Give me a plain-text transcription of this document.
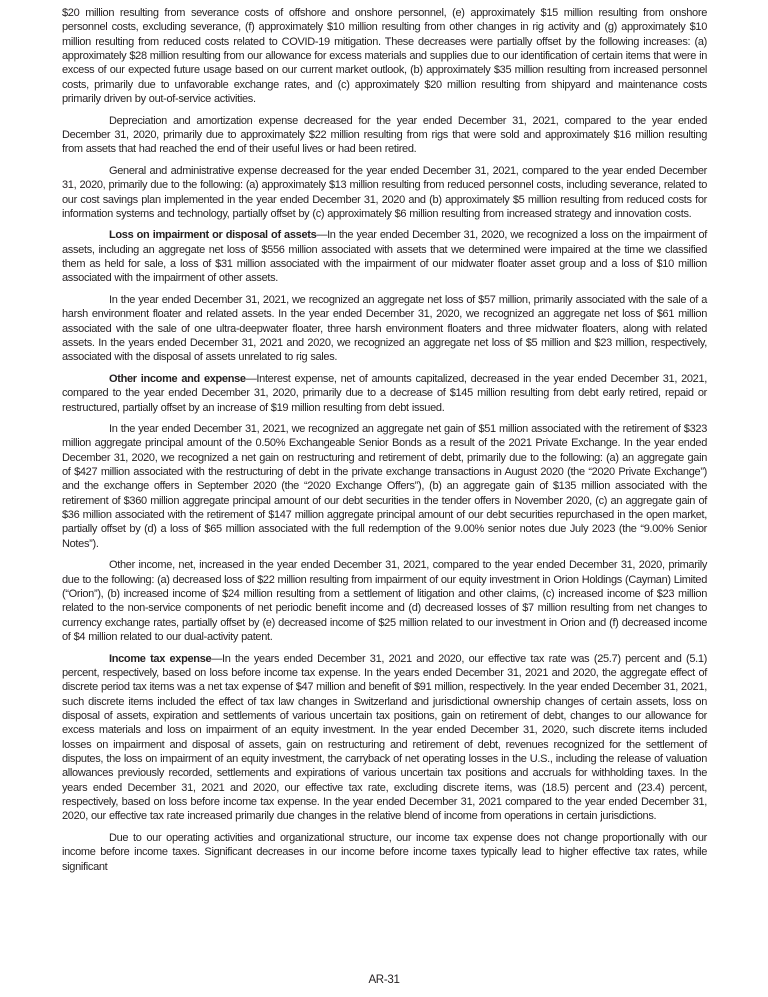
$20 million resulting from severance costs of offshore and onshore personnel, (e) approximately $15 million resulting from onshore personnel costs, excluding severance, (f) approximately $10 million resulting from other changes in rig activity and (g) approximately $10 million resulting from reduced costs related to COVID-19 mitigation. These decreases were partially offset by the following increases: (a) approximately $28 million resulting from our allowance for excess materials and supplies due to our identification of certain items that were in excess of our expected future usage based on our current market outlook, (b) approximately $35 million resulting from increased personnel costs, primarily due to unfavorable exchange rates, and (c) approximately $20 million resulting from shipyard and maintenance costs primarily driven by out-of-service activities.

Depreciation and amortization expense decreased for the year ended December 31, 2021, compared to the year ended December 31, 2020, primarily due to approximately $22 million resulting from rigs that were sold and approximately $16 million resulting from assets that had reached the end of their useful lives or had been retired.

General and administrative expense decreased for the year ended December 31, 2021, compared to the year ended December 31, 2020, primarily due to the following: (a) approximately $13 million resulting from reduced personnel costs, including severance, related to our cost savings plan implemented in the year ended December 31, 2020 and (b) approximately $5 million resulting from reduced costs for information systems and technology, partially offset by (c) approximately $6 million resulting from increased strategy and innovation costs.

Loss on impairment or disposal of assets—In the year ended December 31, 2020, we recognized a loss on the impairment of assets, including an aggregate net loss of $556 million associated with assets that we determined were impaired at the time we classified them as held for sale, a loss of $31 million associated with the impairment of our midwater floater asset group and a loss of $10 million associated with the impairment of other assets.

In the year ended December 31, 2021, we recognized an aggregate net loss of $57 million, primarily associated with the sale of a harsh environment floater and related assets. In the year ended December 31, 2020, we recognized an aggregate net loss of $61 million associated with the sale of one ultra-deepwater floater, three harsh environment floaters and three midwater floaters, along with related assets. In the years ended December 31, 2021 and 2020, we recognized an aggregate net loss of $5 million and $23 million, respectively, associated with the disposal of assets unrelated to rig sales.

Other income and expense—Interest expense, net of amounts capitalized, decreased in the year ended December 31, 2021, compared to the year ended December 31, 2020, primarily due to a decrease of $145 million resulting from debt early retired, repaid or restructured, partially offset by an increase of $19 million resulting from debt issued.

In the year ended December 31, 2021, we recognized an aggregate net gain of $51 million associated with the retirement of $323 million aggregate principal amount of the 0.50% Exchangeable Senior Bonds as a result of the 2021 Private Exchange. In the year ended December 31, 2020, we recognized a net gain on restructuring and retirement of debt, primarily due to the following: (a) an aggregate gain of $427 million associated with the restructuring of debt in the private exchange transactions in August 2020 (the “2020 Private Exchange”) and the exchange offers in September 2020 (the “2020 Exchange Offers”), (b) an aggregate gain of $135 million associated with the retirement of $360 million aggregate principal amount of our debt securities in the tender offers in November 2020, (c) an aggregate gain of $36 million associated with the retirement of $147 million aggregate principal amount of our debt securities repurchased in the open market, partially offset by (d) a loss of $65 million associated with the full redemption of the 9.00% senior notes due July 2023 (the “9.00% Senior Notes”).

Other income, net, increased in the year ended December 31, 2021, compared to the year ended December 31, 2020, primarily due to the following: (a) decreased loss of $22 million resulting from impairment of our equity investment in Orion Holdings (Cayman) Limited (“Orion”), (b) increased income of $24 million resulting from a settlement of litigation and other claims, (c) increased income of $23 million related to the non-service components of net periodic benefit income and (d) decreased losses of $7 million resulting from net changes to currency exchange rates, partially offset by (e) decreased income of $25 million related to our investment in Orion and (f) decreased income of $4 million related to our dual-activity patent.

Income tax expense—In the years ended December 31, 2021 and 2020, our effective tax rate was (25.7) percent and (5.1) percent, respectively, based on loss before income tax expense. In the years ended December 31, 2021 and 2020, the aggregate effect of discrete period tax items was a net tax expense of $47 million and benefit of $91 million, respectively. In the year ended December 31, 2021, such discrete items included the effect of tax law changes in Switzerland and jurisdictional ownership changes of certain assets, loss on disposal of assets, expiration and settlements of various uncertain tax positions, gain on retirement of debt, changes to our allowance for excess materials and loss on impairment of an equity investment. In the year ended December 31, 2020, such discrete items included losses on impairment and disposal of assets, gain on restructuring and retirement of debt, revenues recognized for the settlement of disputes, the loss on impairment of an equity investment, the carryback of net operating losses in the U.S., including the release of valuation allowances previously recorded, settlements and expirations of various uncertain tax positions and accruals for withholding taxes. In the years ended December 31, 2021 and 2020, our effective tax rate, excluding discrete items, was (18.5) percent and (23.4) percent, respectively, based on loss before income tax expense. In the year ended December 31, 2021 compared to the year ended December 31, 2020, our effective tax rate increased primarily due changes in the relative blend of income from operations in certain jurisdictions.

Due to our operating activities and organizational structure, our income tax expense does not change proportionally with our income before income taxes. Significant decreases in our income before income taxes typically lead to higher effective tax rates, while significant

AR-31
